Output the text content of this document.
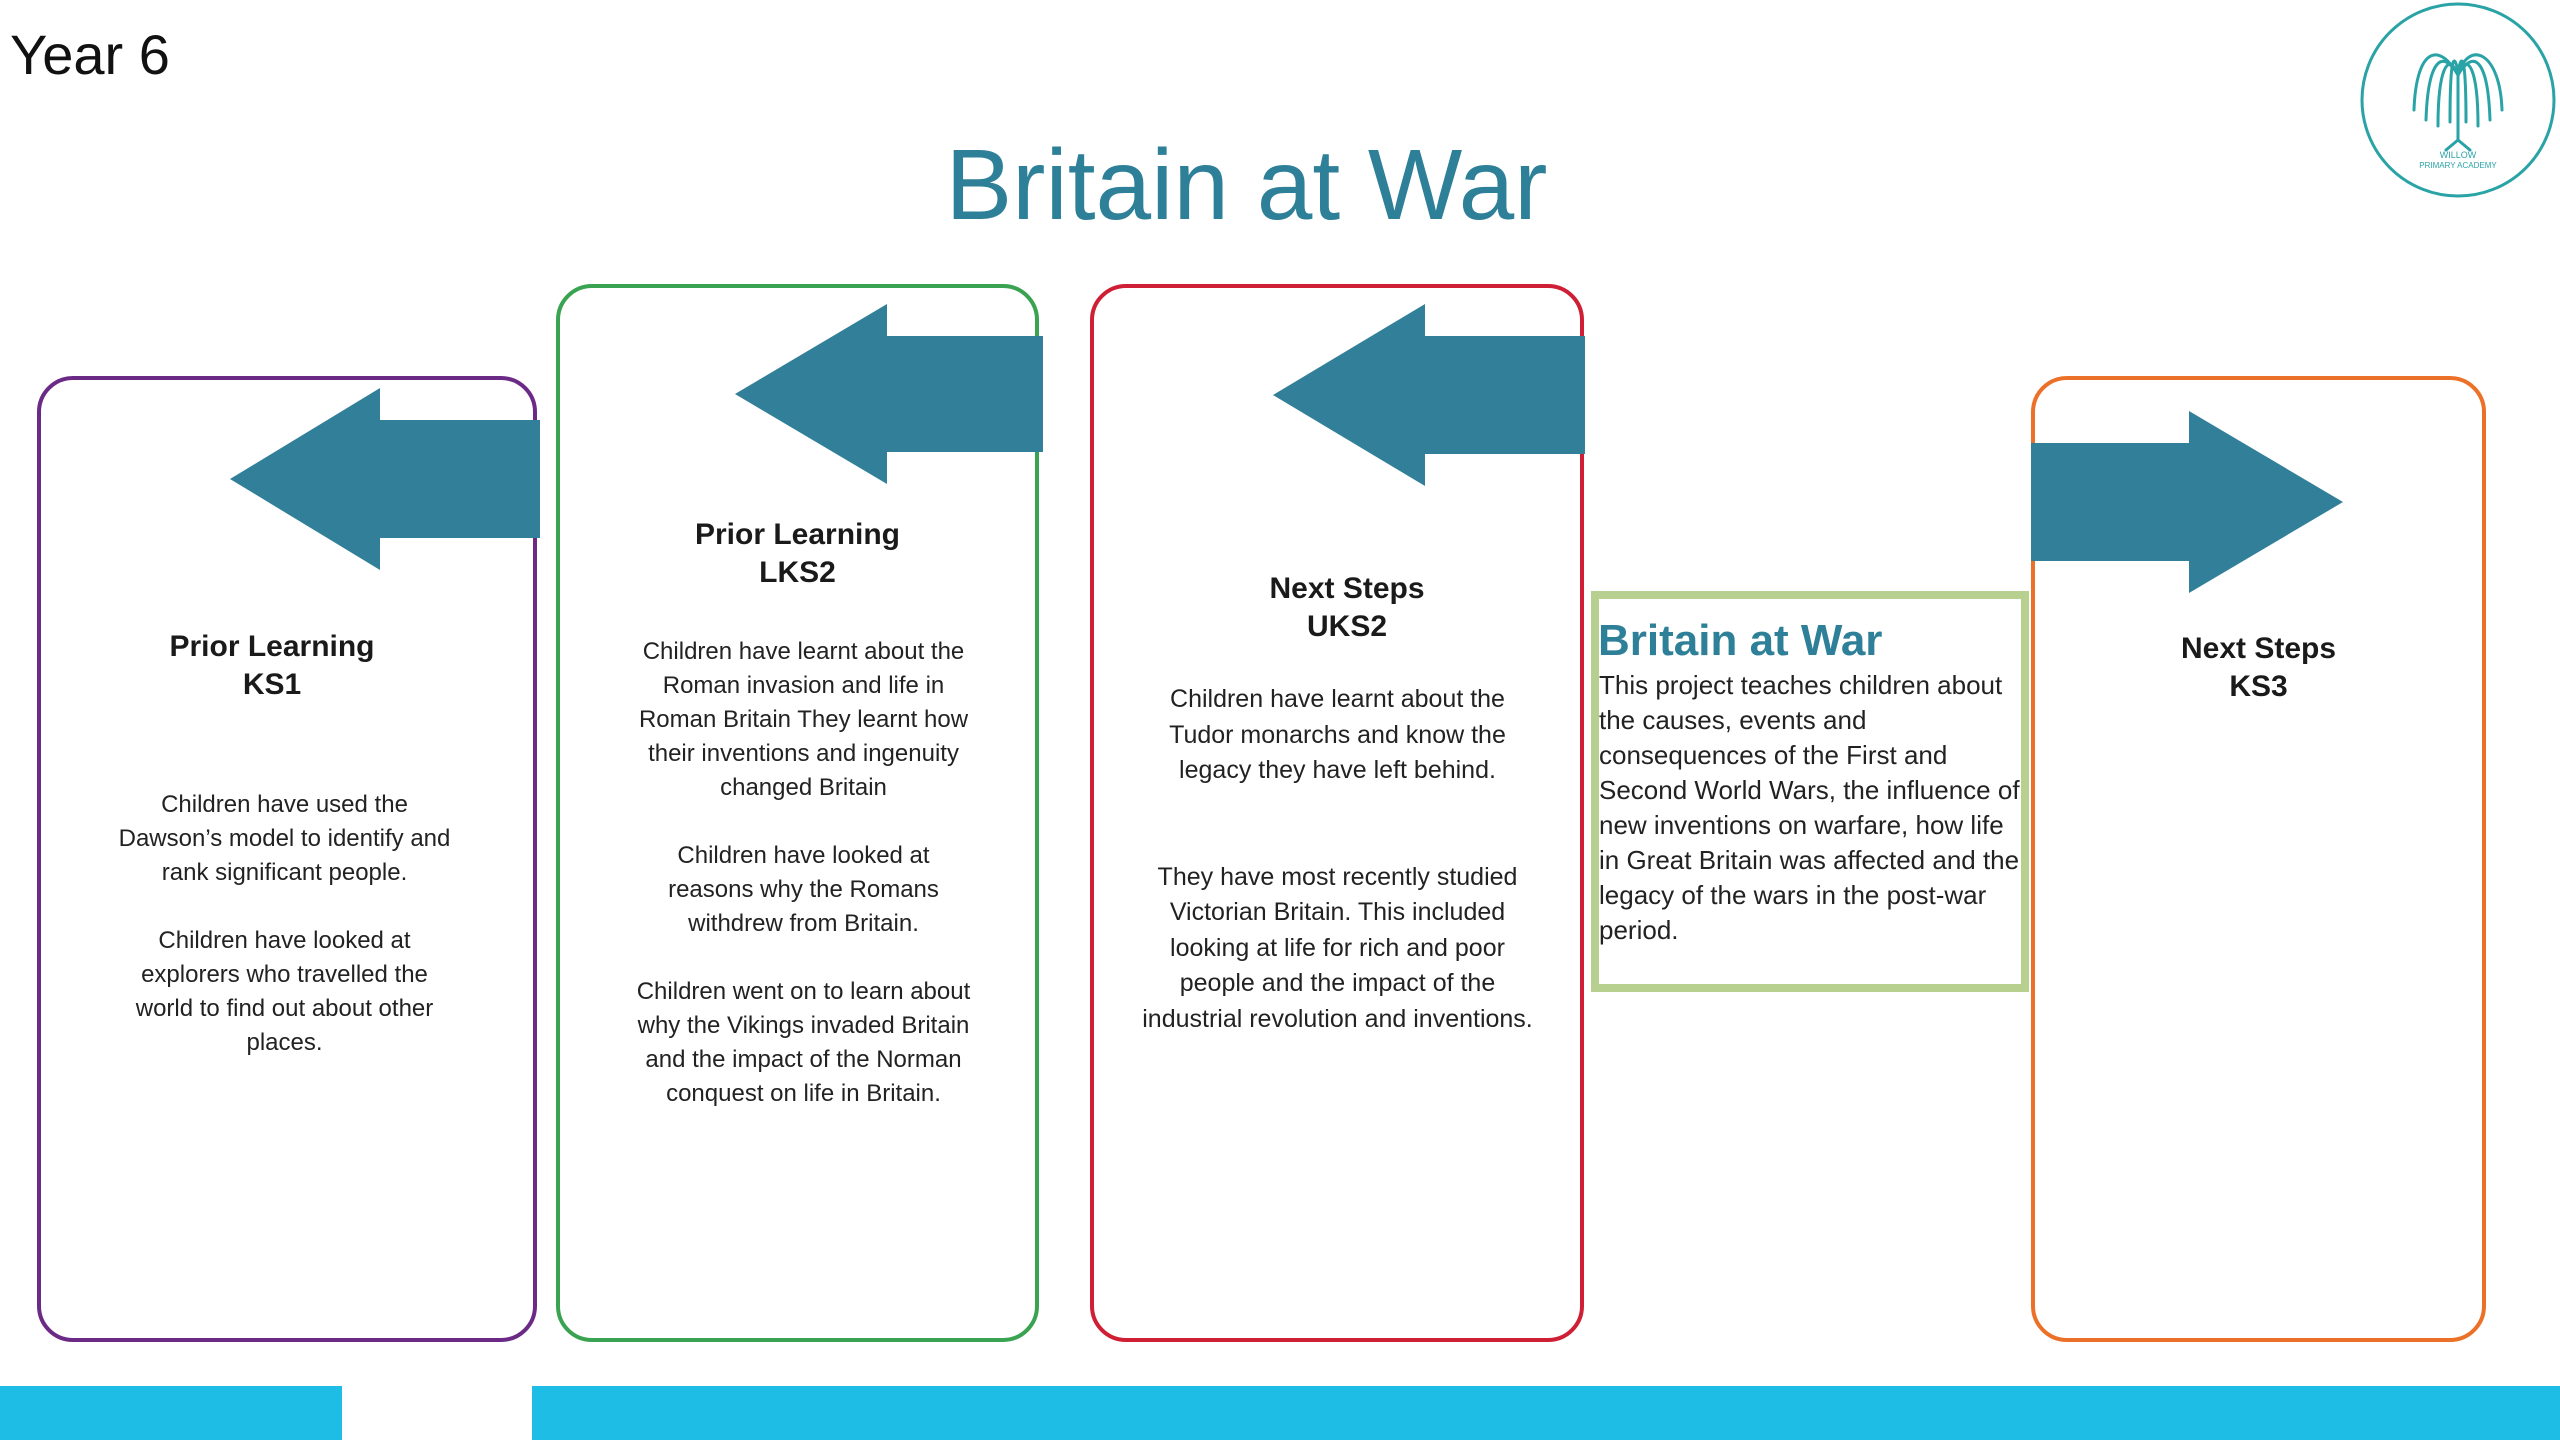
Year 6
Britain at War	WILLOW
PRIMARY ACADEMY
Prior Learning
KS1

Children have used the Dawson’s model to identify and rank significant people.

Children have looked at explorers who travelled the world to find out about other places.

Prior Learning
LKS2

Children have learnt about the Roman invasion and life in Roman Britain They learnt how their inventions and ingenuity changed Britain

Children have looked at reasons why the Romans withdrew from Britain.

Children went on to learn about why the Vikings invaded Britain and the impact of the Norman conquest on life in Britain.

Next Steps
UKS2

Children have learnt about the Tudor monarchs and know the legacy they have left behind.

They have most recently studied Victorian Britain. This included looking at life for rich and poor people and the impact of the industrial revolution and inventions.

Britain at War
This project teaches children about the causes, events and consequences of the First and Second World Wars, the influence of new inventions on warfare, how life in Great Britain was affected and the legacy of the wars in the post-war period.
Next Steps
KS3
